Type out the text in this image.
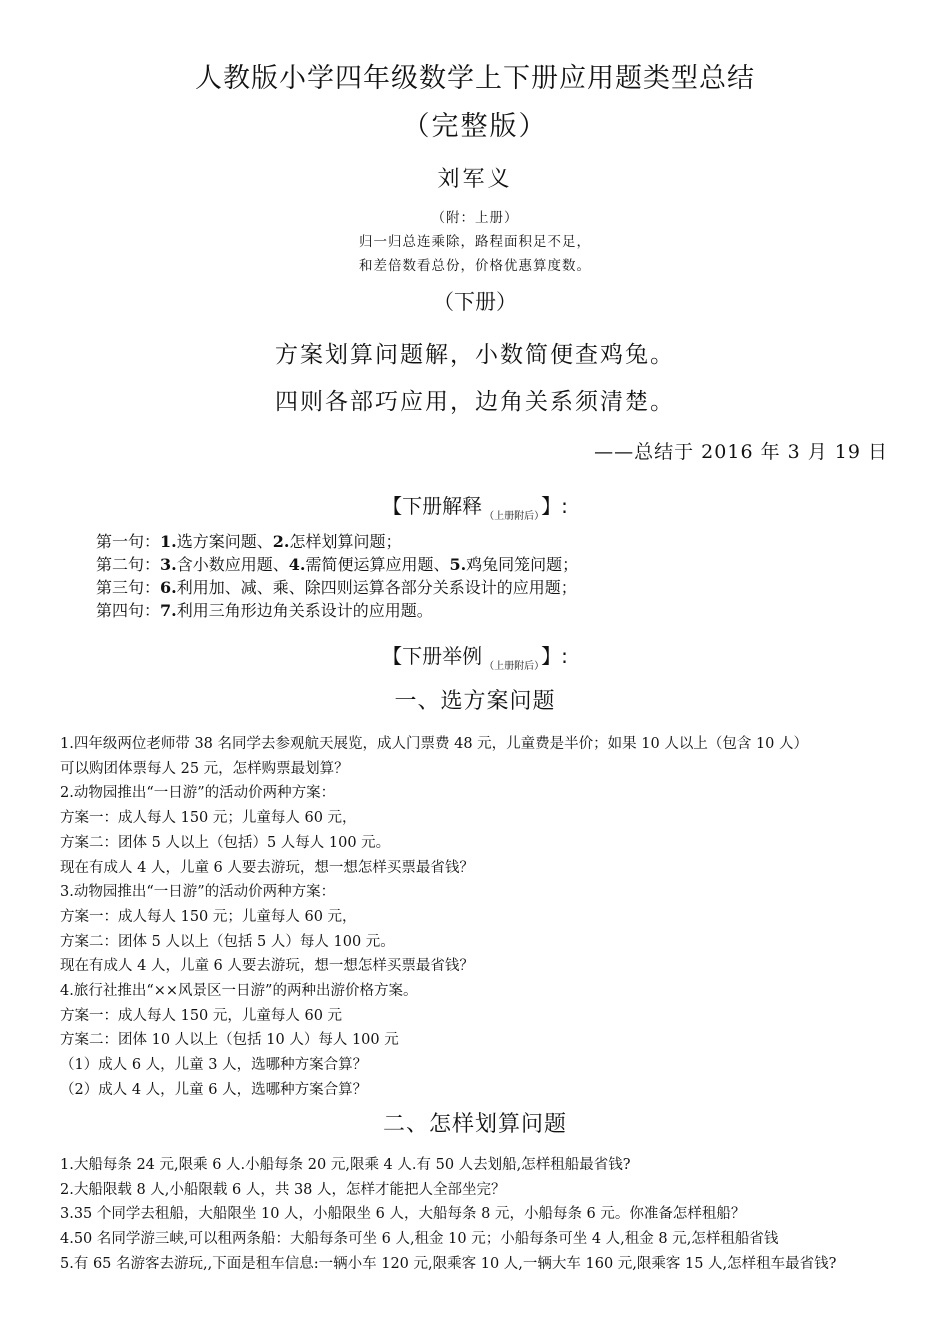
人教版小学四年级数学上下册应用题类型总结
（完整版）
刘军义
（附：上册）
归一归总连乘除，路程面积足不足，
和差倍数看总份，价格优惠算度数。
（下册）
方案划算问题解，小数简便查鸡兔。
四则各部巧应用，边角关系须清楚。
——总结于 2016 年 3 月 19 日
【下册解释 $_{(上册附后)}$ 】:
第一句：1.选方案问题、2.怎样划算问题；
第二句：3.含小数应用题、4.需简便运算应用题、5.鸡兔同笼问题；
第三句：6.利用加、减、乘、除四则运算各部分关系设计的应用题；
第四句：7.利用三角形边角关系设计的应用题。
【下册举例 $_{(上册附后)}$ 】:
一、选方案问题
1.四年级两位老师带 38 名同学去参观航天展览，成人门票费 48 元，儿童费是半价；如果 10 人以上（包含 10 人）
可以购团体票每人 25 元，怎样购票最划算？
2.动物园推出“一日游”的活动价两种方案：
方案一：成人每人 150 元；儿童每人 60 元，
方案二：团体 5 人以上（包括）5 人每人 100 元。
现在有成人 4 人，儿童 6 人要去游玩，想一想怎样买票最省钱？
3.动物园推出“一日游”的活动价两种方案：
方案一：成人每人 150 元；儿童每人 60 元，
方案二：团体 5 人以上（包括 5 人）每人 100 元。
现在有成人 4 人，儿童 6 人要去游玩，想一想怎样买票最省钱？
4.旅行社推出“××风景区一日游”的两种出游价格方案。
方案一：成人每人 150 元，儿童每人 60 元
方案二：团体 10 人以上（包括 10 人）每人 100 元
（1）成人 6 人，儿童 3 人，选哪种方案合算？
（2）成人 4 人，儿童 6 人，选哪种方案合算？
二、怎样划算问题
1.大船每条 24 元,限乘 6 人.小船每条 20 元,限乘 4 人.有 50 人去划船,怎样租船最省钱?
2.大船限载 8 人,小船限载 6 人，共 38 人，怎样才能把人全部坐完？
3.35 个同学去租船，大船限坐 10 人，小船限坐 6 人，大船每条 8 元，小船每条 6 元。你准备怎样租船？
4.50 名同学游三峡,可以租两条船：大船每条可坐 6 人,租金 10 元；小船每条可坐 4 人,租金 8 元,怎样租船省钱
5.有 65 名游客去游玩,,下面是租车信息:一辆小车 120 元,限乘客 10 人,一辆大车 160 元,限乘客 15 人,怎样租车最省钱?
